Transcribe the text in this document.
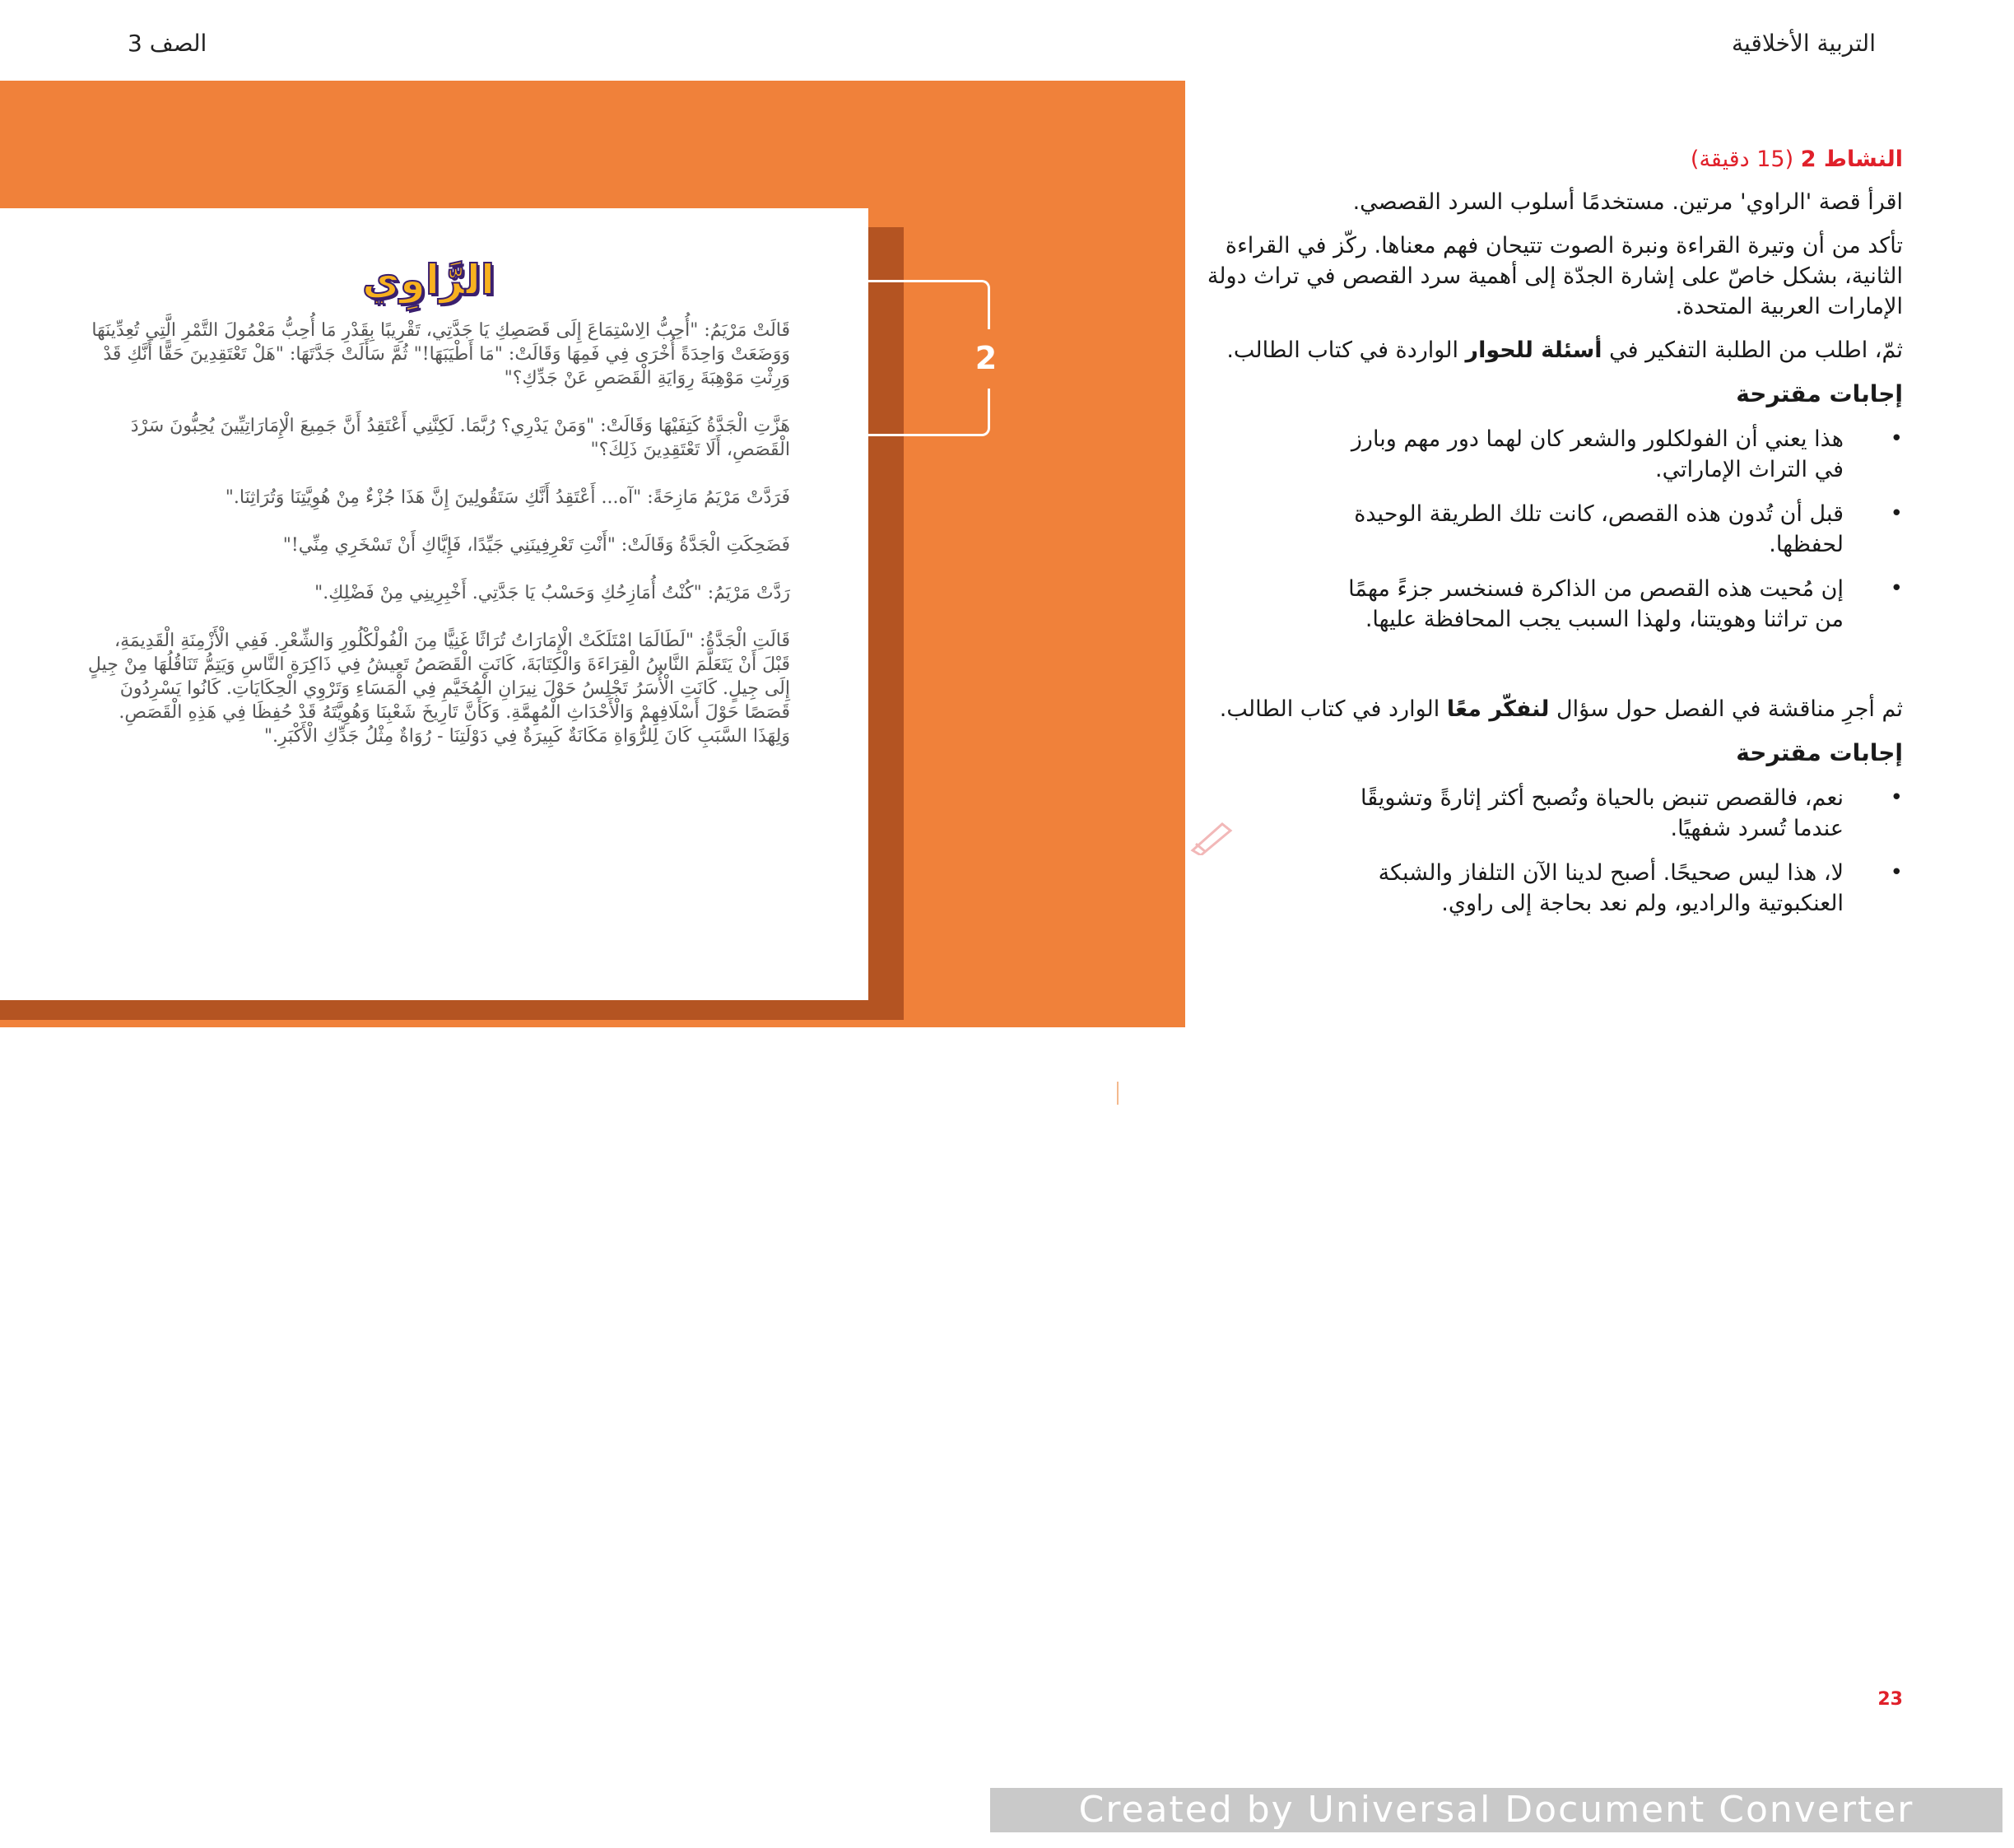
التربية الأخلاقية
الصف 3
الرَّاوِي

قَالَتْ مَرْيَمُ: "أُحِبُّ الِاسْتِمَاعَ إِلَى قَصَصِكِ يَا جَدَّتِي، تَقْرِيبًا بِقَدْرِ مَا أُحِبُّ مَعْمُولَ التَّمْرِ الَّتِي تُعِدِّينَهَا وَوَضَعَتْ وَاحِدَةً أُخْرَى فِي فَمِهَا وَقَالَتْ: "مَا أَطْيَبَهَا!" ثُمَّ سَأَلَتْ جَدَّتَهَا: "هَلْ تَعْتَقِدِينَ حَقًّا أَنَّكِ قَدْ وَرِثْتِ مَوْهِبَةَ رِوَايَةِ الْقَصَصِ عَنْ جَدِّكِ؟"

هَزَّتِ الْجَدَّةُ كَتِفَيْهَا وَقَالَتْ: "وَمَنْ يَدْرِي؟ رُبَّمَا. لَكِنَّنِي أَعْتَقِدُ أَنَّ جَمِيعَ الْإِمَارَاتِيِّينَ يُحِبُّونَ سَرْدَ الْقَصَصِ، أَلَا تَعْتَقِدِينَ ذَلِكَ؟"

فَرَدَّتْ مَرْيَمُ مَازِحَةً: "آه... أَعْتَقِدُ أَنَّكِ سَتَقُولِينَ إِنَّ هَذَا جُزْءٌ مِنْ هُوِيَّتِنَا وَتُرَاثِنَا."

فَضَحِكَتِ الْجَدَّةُ وَقَالَتْ: "أَنْتِ تَعْرِفِينَنِي جَيِّدًا، فَإِيَّاكِ أَنْ تَسْخَرِي مِنِّي!"

رَدَّتْ مَرْيَمُ: "كُنْتُ أُمَازِحُكِ وَحَسْبُ يَا جَدَّتِي. أَخْبِرِينِي مِنْ فَضْلِكِ."

قَالَتِ الْجَدَّةُ: "لَطَالَمَا امْتَلَكَتْ الْإِمَارَاتُ تُرَاثًا غَنِيًّا مِنَ الْفُولْكْلُورِ وَالشِّعْرِ. فَفِي الْأَزْمِنَةِ الْقَدِيمَةِ، قَبْلَ أَنْ يَتَعَلَّمَ النَّاسُ الْقِرَاءَةَ وَالْكِتَابَةَ، كَانَتِ الْقَصَصُ تَعِيشُ فِي ذَاكِرَةِ النَّاسِ وَيَتِمُّ تَنَاقُلُهَا مِنْ جِيلٍ إِلَى جِيلٍ. كَانَتِ الْأُسَرُ تَجْلِسُ حَوْلَ نِيرَانِ الْمُخَيَّمِ فِي الْمَسَاءِ وَتَرْوِي الْحِكَايَاتِ. كَانُوا يَسْرِدُونَ قَصَصًا حَوْلَ أَسْلَافِهِمْ وَالْأَحْدَاثِ الْمُهِمَّةِ. وَكَأَنَّ تَارِيخَ شَعْبِنَا وَهُوِيَّتَهُ قَدْ حُفِظَا فِي هَذِهِ الْقَصَصِ. وَلِهَذَا السَّبَبِ كَانَ لِلرُّوَاةِ مَكَانَةٌ كَبِيرَةٌ فِي دَوْلَتِنَا - رُوَاةٌ مِثْلُ جَدِّكِ الْأَكْبَرِ."

2
23
النشاط 2 (15 دقيقة)

اقرأ قصة 'الراوي' مرتين. مستخدمًا أسلوب السرد القصصي.

تأكد من أن وتيرة القراءة ونبرة الصوت تتيحان فهم معناها. ركّز في القراءة الثانية، بشكل خاصّ على إشارة الجدّة إلى أهمية سرد القصص في تراث دولة الإمارات العربية المتحدة.

ثمّ، اطلب من الطلبة التفكير في أسئلة للحوار الواردة في كتاب الطالب.

إجابات مقترحة
• هذا يعني أن الفولكلور والشعر كان لهما دور مهم وبارز في التراث الإماراتي.
• قبل أن تُدون هذه القصص، كانت تلك الطريقة الوحيدة لحفظها.
• إن مُحيت هذه القصص من الذاكرة فسنخسر جزءً مهمًا من تراثنا وهويتنا، ولهذا السبب يجب المحافظة عليها.

ثم أجرِ مناقشة في الفصل حول سؤال لنفكّر معًا الوارد في كتاب الطالب.

إجابات مقترحة
• نعم، فالقصص تنبض بالحياة وتُصبح أكثر إثارةً وتشويقًا عندما تُسرد شفهيًا.
• لا، هذا ليس صحيحًا. أصبح لدينا الآن التلفاز والشبكة العنكبوتية والراديو، ولم نعد بحاجة إلى راوي.
23
Created by Universal Document Converter
